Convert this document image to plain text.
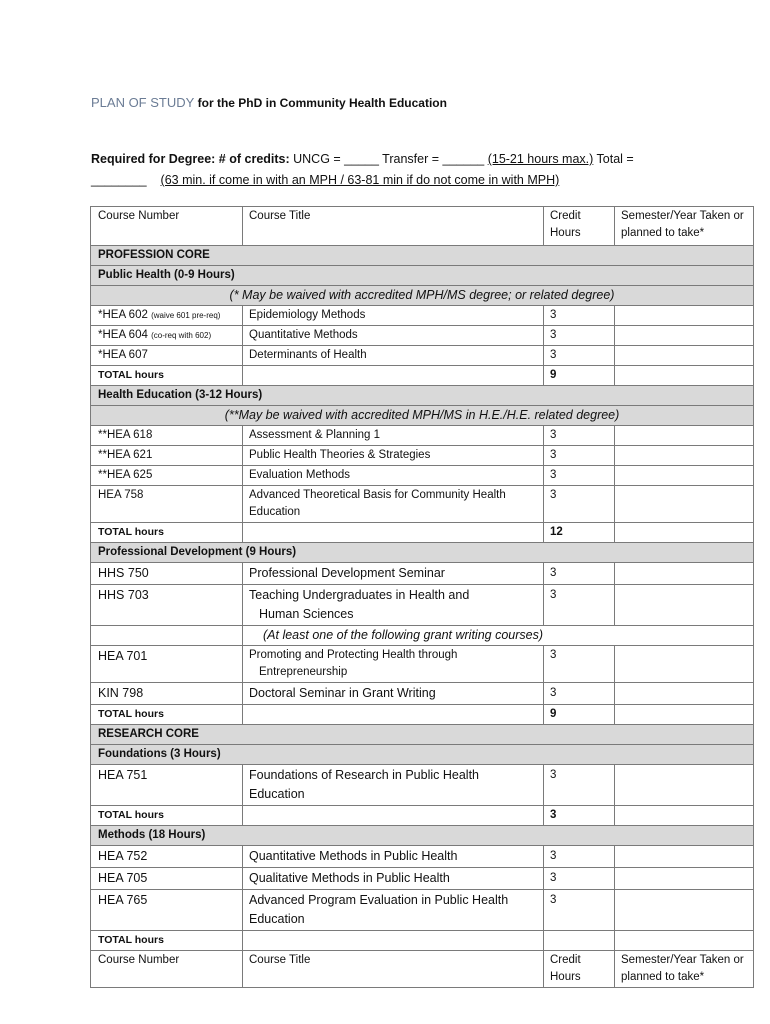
PLAN OF STUDY for the PhD in Community Health Education
Required for Degree: # of credits: UNCG = _____ Transfer = ______ (15-21 hours max.) Total =
________ (63 min. if come in with an MPH / 63-81 min if do not come in with MPH)
Course Number	Course Title	Credit Hours	Semester/Year Taken or planned to take*
PROFESSION CORE			
Public Health (0-9 Hours)			
(* May be waived with accredited MPH/MS degree; or related degree)			
*HEA 602 (waive 601 pre-req)	Epidemiology Methods	3	
*HEA 604 (co-req with 602)	Quantitative Methods	3	
*HEA 607	Determinants of Health	3	
TOTAL hours		9	
Health Education (3-12 Hours)			
(**May be waived with accredited MPH/MS in H.E./H.E. related degree)			
**HEA 618	Assessment & Planning 1	3	
**HEA 621	Public Health Theories & Strategies	3	
**HEA 625	Evaluation Methods	3	
HEA 758	Advanced Theoretical Basis for Community Health Education	3	
TOTAL hours		12	
Professional Development (9 Hours)			
HHS 750	Professional Development Seminar	3	
HHS 703	Teaching Undergraduates in Health and
Human Sciences	3	
	(At least one of the following grant writing courses)		
HEA 701	Promoting and Protecting Health through
Entrepreneurship	3	
KIN 798	Doctoral Seminar in Grant Writing	3	
TOTAL hours		9	
RESEARCH CORE			
Foundations (3 Hours)			
HEA 751	Foundations of Research in Public Health Education	3	
TOTAL hours		3	
Methods (18 Hours)			
HEA 752	Quantitative Methods in Public Health	3	
HEA 705	Qualitative Methods in Public Health	3	
HEA 765	Advanced Program Evaluation in Public Health Education	3	
TOTAL hours			
Course Number	Course Title	Credit Hours	Semester/Year Taken or planned to take*
